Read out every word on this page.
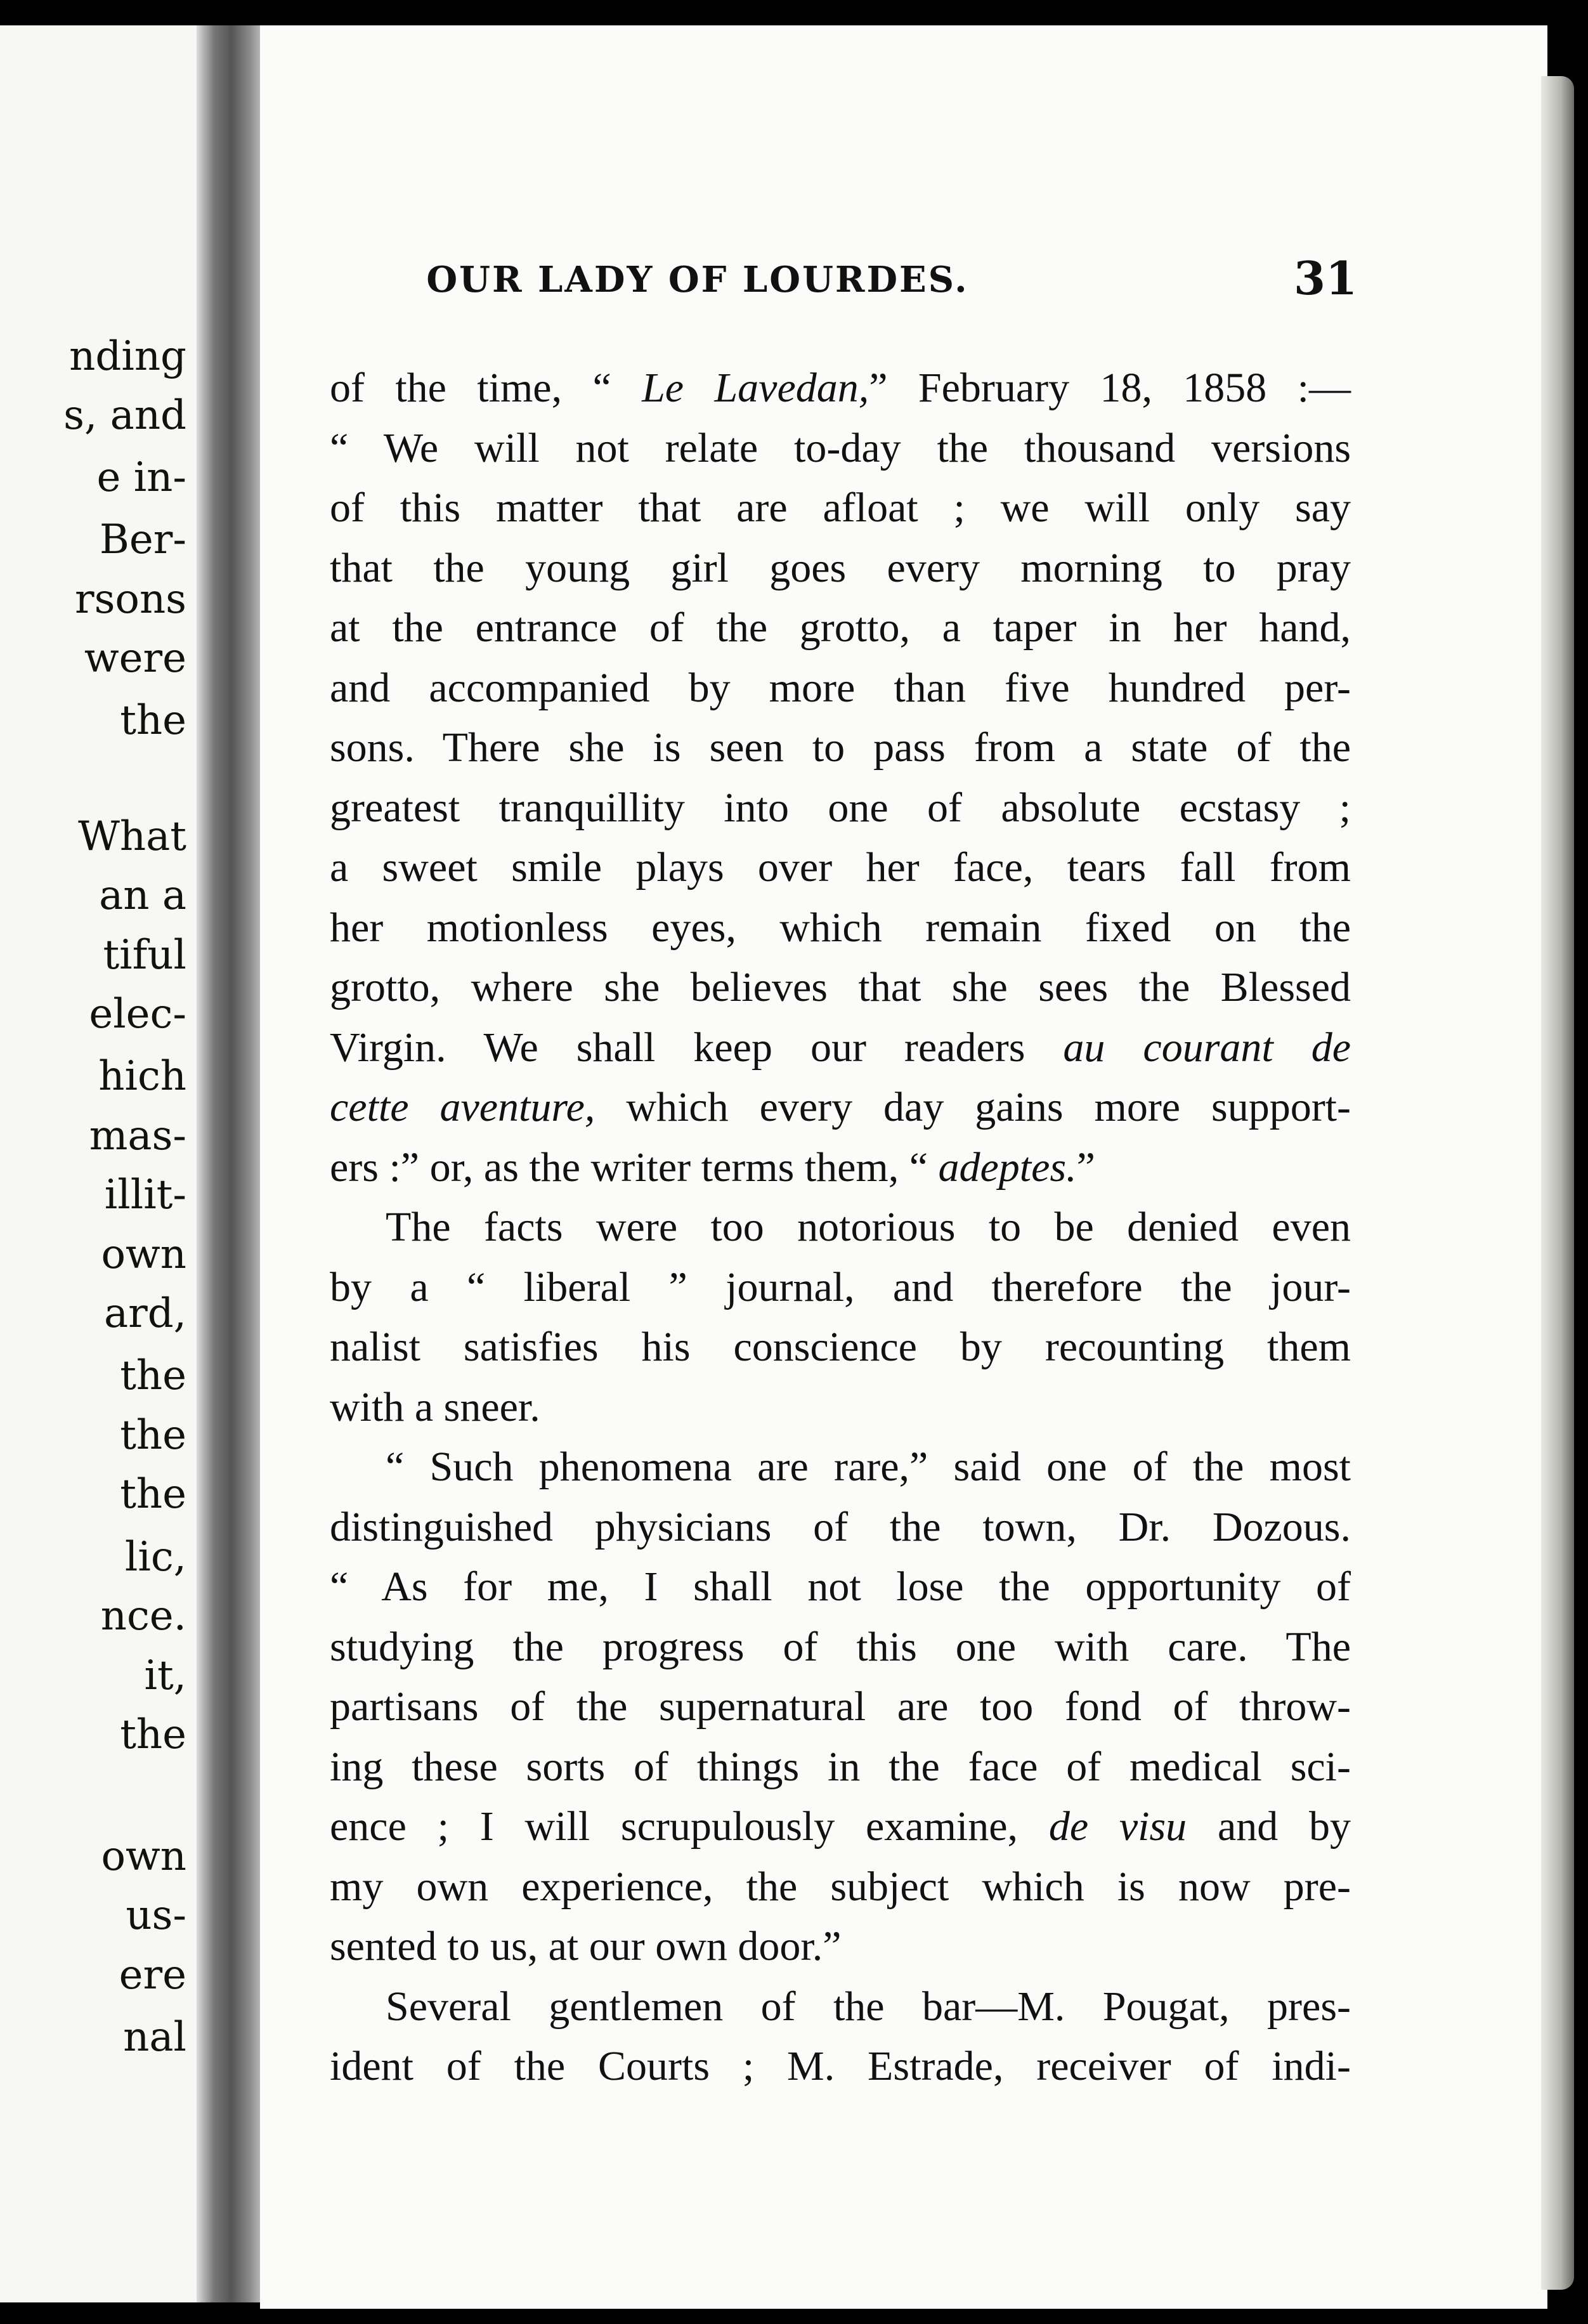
nding
s, and
e in-
Ber-
rsons
were
the
What
an a
tiful
elec-
hich
mas-
illit-
own
ard,
the
the
the
lic,
nce.
it,
the
own
us-
ere
nal
OUR LADY OF LOURDES.	31
of the time, “ Le Lavedan,” February 18, 1858 :—
“ We will not relate to-day the thousand versions
of this matter that are afloat ; we will only say
that the young girl goes every morning to pray
at the entrance of the grotto, a taper in her hand,
and accompanied by more than five hundred per-
sons. There she is seen to pass from a state of the
greatest tranquillity into one of absolute ecstasy ;
a sweet smile plays over her face, tears fall from
her motionless eyes, which remain fixed on the
grotto, where she believes that she sees the Blessed
Virgin. We shall keep our readers au courant de
cette aventure, which every day gains more support-
ers :” or, as the writer terms them, “ adeptes.”
The facts were too notorious to be denied even
by a “ liberal ” journal, and therefore the jour-
nalist satisfies his conscience by recounting them
with a sneer.
“ Such phenomena are rare,” said one of the most
distinguished physicians of the town, Dr. Dozous.
“ As for me, I shall not lose the opportunity of
studying the progress of this one with care. The
partisans of the supernatural are too fond of throw-
ing these sorts of things in the face of medical sci-
ence ; I will scrupulously examine, de visu and by
my own experience, the subject which is now pre-
sented to us, at our own door.”
Several gentlemen of the bar—M. Pougat, pres-
ident of the Courts ; M. Estrade, receiver of indi-
